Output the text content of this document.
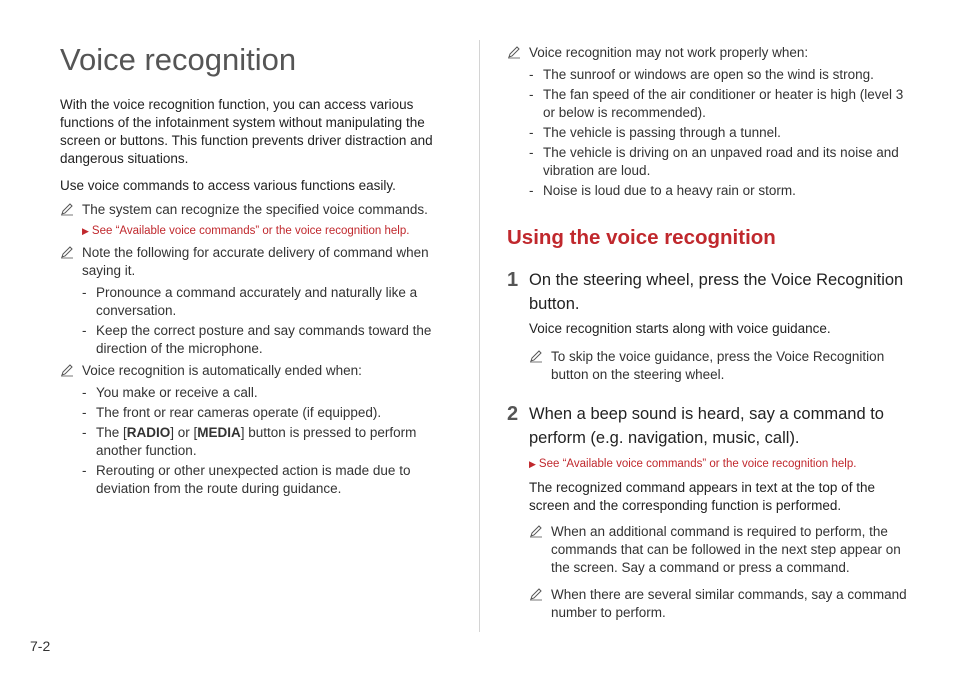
Voice recognition

With the voice recognition function, you can access various functions of the infotainment system without manipulating the screen or buttons. This function prevents driver distraction and dangerous situations.

Use voice commands to access various functions easily.

The system can recognize the specified voice commands.
▶ See “Available voice commands” or the voice recognition help.
Note the following for accurate delivery of command when saying it.
- Pronounce a command accurately and naturally like a conversation.
- Keep the correct posture and say commands toward the direction of the microphone.
Voice recognition is automatically ended when:
- You make or receive a call.
- The front or rear cameras operate (if equipped).
- The [RADIO] or [MEDIA] button is pressed to perform another function.
- Rerouting or other unexpected action is made due to deviation from the route during guidance.
Voice recognition may not work properly when:
- The sunroof or windows are open so the wind is strong.
- The fan speed of the air conditioner or heater is high (level 3 or below is recommended).
- The vehicle is passing through a tunnel.
- The vehicle is driving on an unpaved road and its noise and vibration are loud.
- Noise is loud due to a heavy rain or storm.
Using the voice recognition
1 On the steering wheel, press the Voice Recognition button.

Voice recognition starts along with voice guidance.

To skip the voice guidance, press the Voice Recognition button on the steering wheel.
2 When a beep sound is heard, say a command to perform (e.g. navigation, music, call).
▶ See “Available voice commands” or the voice recognition help.

The recognized command appears in text at the top of the screen and the corresponding function is performed.

When an additional command is required to perform, the commands that can be followed in the next step appear on the screen. Say a command or press a command.
When there are several similar commands, say a command number to perform.
7-2
